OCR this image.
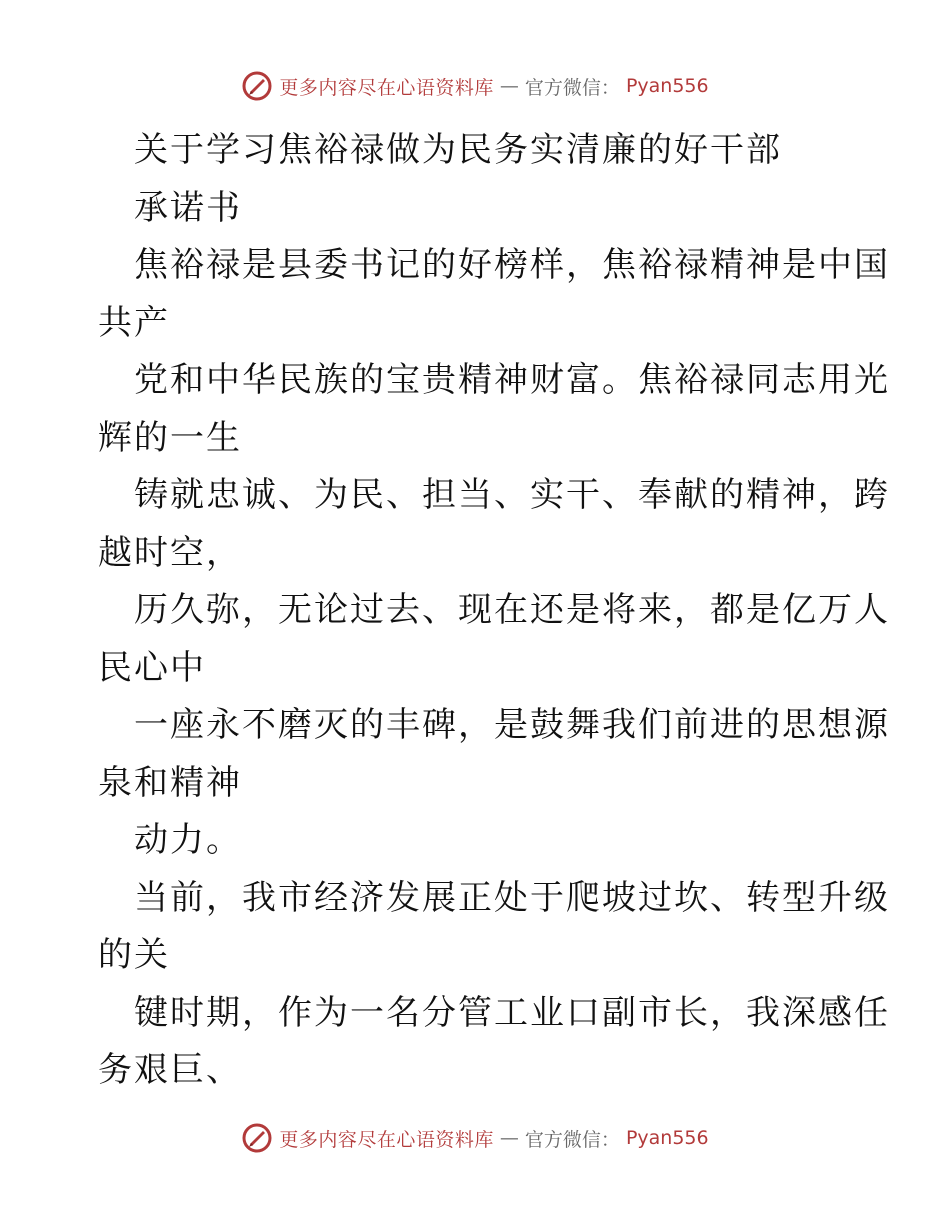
更多内容尽在心语资料库 — 官方微信： Pyan556
关于学习焦裕禄做为民务实清廉的好干部
承诺书
焦裕禄是县委书记的好榜样，焦裕禄精神是中国
共产
党和中华民族的宝贵精神财富。焦裕禄同志用光
辉的一生
铸就忠诚、为民、担当、实干、奉献的精神，跨
越时空，
历久弥，无论过去、现在还是将来，都是亿万人
民心中
一座永不磨灭的丰碑，是鼓舞我们前进的思想源
泉和精神
动力。
当前，我市经济发展正处于爬坡过坎、转型升级
的关
键时期，作为一名分管工业口副市长，我深感任
务艰巨、
更多内容尽在心语资料库 — 官方微信： Pyan556
